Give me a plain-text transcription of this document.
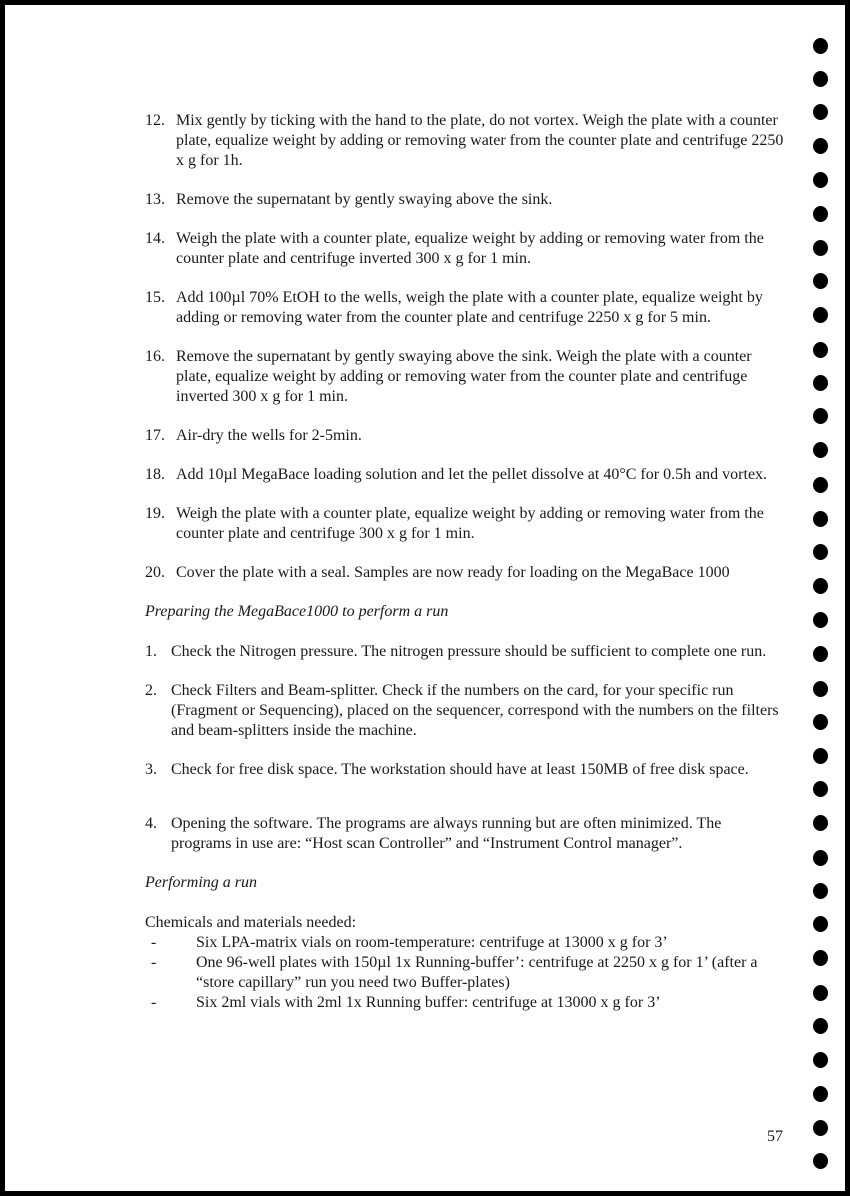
12. Mix gently by ticking with the hand to the plate, do not vortex. Weigh the plate with a counter plate, equalize weight by adding or removing water from the counter plate and centrifuge 2250 x g for 1h.
13. Remove the supernatant by gently swaying above the sink.
14. Weigh the plate with a counter plate, equalize weight by adding or removing water from the counter plate and centrifuge inverted 300 x g for 1 min.
15. Add 100µl 70% EtOH to the wells, weigh the plate with a counter plate, equalize weight by adding or removing water from the counter plate and centrifuge 2250 x g for 5 min.
16. Remove the supernatant by gently swaying above the sink. Weigh the plate with a counter plate, equalize weight by adding or removing water from the counter plate and centrifuge inverted 300 x g for 1 min.
17. Air-dry the wells for 2-5min.
18. Add 10µl MegaBace loading solution and let the pellet dissolve at 40°C for 0.5h and vortex.
19. Weigh the plate with a counter plate, equalize weight by adding or removing water from the counter plate and centrifuge 300 x g for 1 min.
20. Cover the plate with a seal. Samples are now ready for loading on the MegaBace 1000

Preparing the MegaBace1000 to perform a run

1. Check the Nitrogen pressure. The nitrogen pressure should be sufficient to complete one run.
2. Check Filters and Beam-splitter. Check if the numbers on the card, for your specific run (Fragment or Sequencing), placed on the sequencer, correspond with the numbers on the filters and beam-splitters inside the machine.
3. Check for free disk space. The workstation should have at least 150MB of free disk space.
4. Opening the software. The programs are always running but are often minimized. The programs in use are: “Host scan Controller” and “Instrument Control manager”.

Performing a run

Chemicals and materials needed:

- Six LPA-matrix vials on room-temperature: centrifuge at 13000 x g for 3’
- One 96-well plates with 150µl 1x Running-buffer’: centrifuge at 2250 x g for 1’ (after a “store capillary” run you need two Buffer-plates)
- Six 2ml vials with 2ml 1x Running buffer: centrifuge at 13000 x g for 3’
57
